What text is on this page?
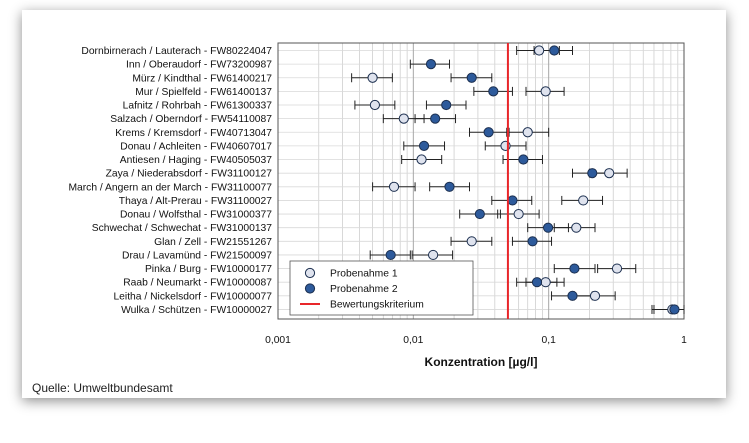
Dornbirnerach / Lauterach - FW80224047
Inn / Oberaudorf - FW73200987
Mürz / Kindthal - FW61400217
Mur / Spielfeld - FW61400137
Lafnitz / Rohrbah - FW61300337
Salzach / Oberndorf - FW54110087
Krems / Kremsdorf - FW40713047
Donau / Achleiten - FW40607017
Antiesen / Haging - FW40505037
Zaya / Niederabsdorf - FW31100127
March / Angern an der March - FW31100077
Thaya / Alt-Prerau - FW31100027
Donau / Wolfsthal - FW31000377
Schwechat / Schwechat - FW31000137
Glan / Zell - FW21551267
Drau / Lavamünd - FW21500097
Pinka / Burg - FW10000177
Raab / Neumarkt - FW10000087
Leitha / Nickelsdorf - FW10000077
Wulka / Schützen - FW10000027
0,001	0,01	0,1	1
Konzentration [µg/l]
Probenahme 1
Probenahme 2
Bewertungskriterium
Quelle: Umweltbundesamt
